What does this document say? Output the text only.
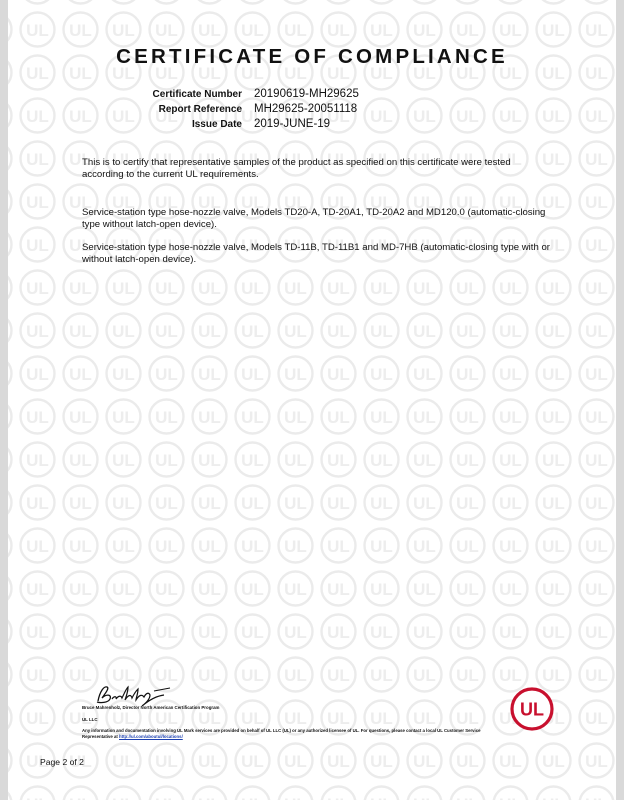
CERTIFICATE OF COMPLIANCE
Certificate Number 20190619-MH29625
Report Reference MH29625-20051118
Issue Date 2019-JUNE-19
This is to certify that representative samples of the product as specified on this certificate were tested according to the current UL requirements.
Service-station type hose-nozzle valve, Models TD20-A, TD-20A1, TD-20A2 and MD120.0 (automatic-closing type without latch-open device).
Service-station type hose-nozzle valve, Models TD-11B, TD-11B1 and MD-7HB (automatic-closing type with or without latch-open device).
Bruce Mahrenholz, Director North American Certification Program
UL LLC
Any information and documentation involving UL Mark services are provided on behalf of UL LLC (UL) or any authorized licensee of UL. For questions, please contact a local UL Customer Service Representative at http://ul.com/aboutul/locations/
UL
Page 2 of 2
